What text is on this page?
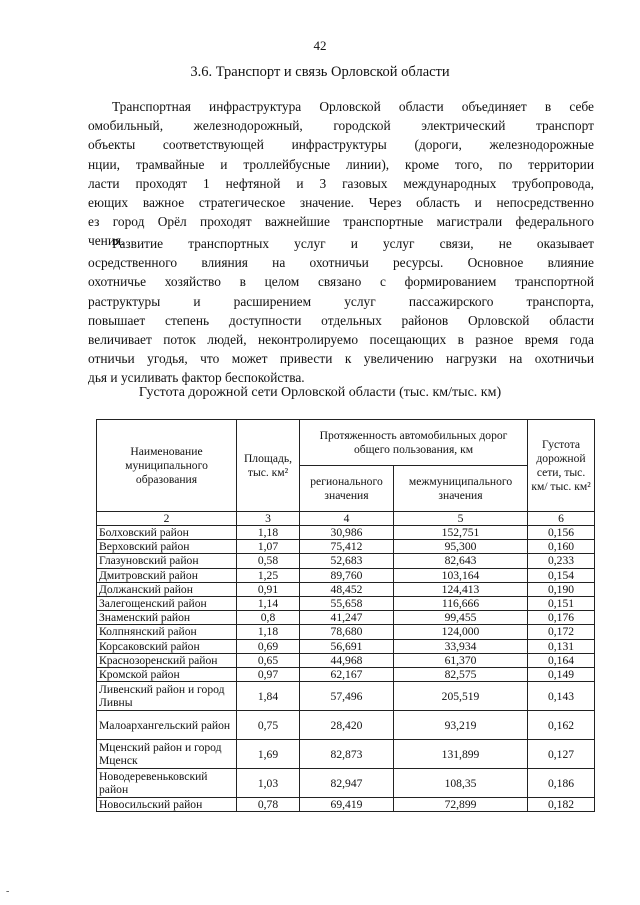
42
3.6. Транспорт и связь Орловской области
Транспортная инфраструктура Орловской области объединяет в себе
омобильный, железнодорожный, городской электрический транспорт
объекты соответствующей инфраструктуры (дороги, железнодорожные
нции, трамвайные и троллейбусные линии), кроме того, по территории
ласти проходят 1 нефтяной и 3 газовых международных трубопровода,
еющих важное стратегическое значение. Через область и непосредственно
ез город Орёл проходят важнейшие транспортные магистрали федерального
чения.
Развитие транспортных услуг и услуг связи, не оказывает
осредственного влияния на охотничьи ресурсы. Основное влияние
охотничье хозяйство в целом связано с формированием транспортной
раструктуры и расширением услуг пассажирского транспорта,
повышает степень доступности отдельных районов Орловской области
величивает поток людей, неконтролируемо посещающих в разное время года
отничьи угодья, что может привести к увеличению нагрузки на охотничьи
дья и усиливать фактор беспокойства.
Густота дорожной сети Орловской области (тыс. км/тыс. км)
Наименование муниципального образования	Площадь, тыс. км²	Протяженность автомобильных дорог общего пользования, км		Густота дорожной сети, тыс. км/ тыс. км²
		регионального значения	межмуниципального значения	
2	3	4	5	6
Болховский район	1,18	30,986	152,751	0,156
Верховский район	1,07	75,412	95,300	0,160
Глазуновский район	0,58	52,683	82,643	0,233
Дмитровский район	1,25	89,760	103,164	0,154
Должанский район	0,91	48,452	124,413	0,190
Залегощенский район	1,14	55,658	116,666	0,151
Знаменский район	0,8	41,247	99,455	0,176
Колпнянский район	1,18	78,680	124,000	0,172
Корсаковский район	0,69	56,691	33,934	0,131
Краснозоренский район	0,65	44,968	61,370	0,164
Кромской район	0,97	62,167	82,575	0,149
Ливенский район и город Ливны	1,84	57,496	205,519	0,143
Малоархангельский район	0,75	28,420	93,219	0,162
Мценский район и город Мценск	1,69	82,873	131,899	0,127
Новодеревеньковский район	1,03	82,947	108,35	0,186
Новосильский район	0,78	69,419	72,899	0,182
-
